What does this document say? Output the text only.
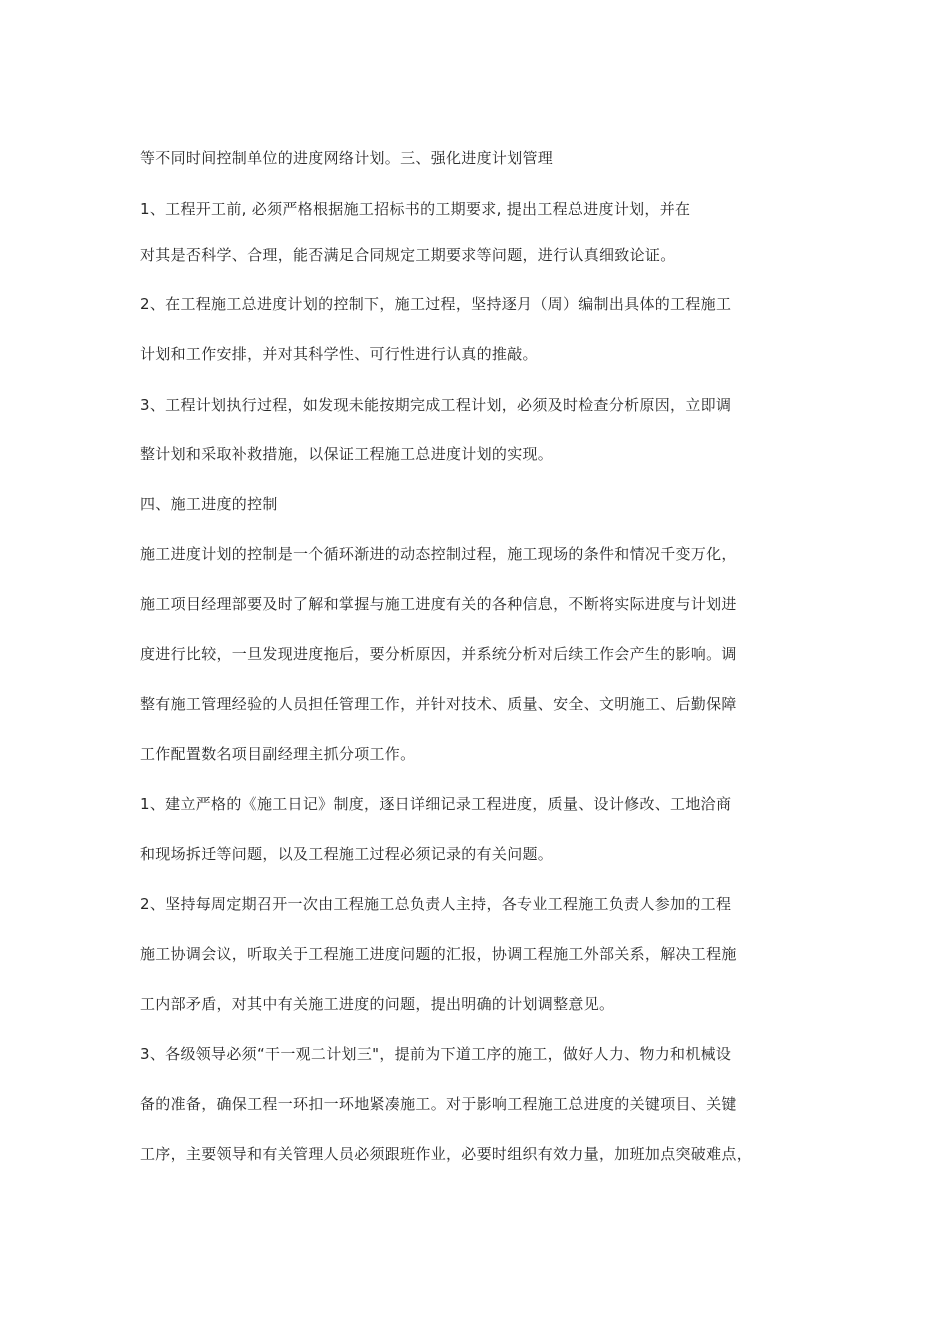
等不同时间控制单位的进度网络计划。三、强化进度计划管理

1、工程开工前, 必须严格根据施工招标书的工期要求, 提出工程总进度计划，并在

对其是否科学、合理，能否满足合同规定工期要求等问题，进行认真细致论证。

2、在工程施工总进度计划的控制下，施工过程，坚持逐月（周）编制出具体的工程施工

计划和工作安排，并对其科学性、可行性进行认真的推敲。

3、工程计划执行过程，如发现未能按期完成工程计划，必须及时检查分析原因，立即调

整计划和采取补救措施，以保证工程施工总进度计划的实现。

四、施工进度的控制

施工进度计划的控制是一个循环渐进的动态控制过程，施工现场的条件和情况千变万化，

施工项目经理部要及时了解和掌握与施工进度有关的各种信息，不断将实际进度与计划进

度进行比较，一旦发现进度拖后，要分析原因，并系统分析对后续工作会产生的影响。调

整有施工管理经验的人员担任管理工作，并针对技术、质量、安全、文明施工、后勤保障

工作配置数名项目副经理主抓分项工作。

1、建立严格的《施工日记》制度，逐日详细记录工程进度，质量、设计修改、工地洽商

和现场拆迁等问题，以及工程施工过程必须记录的有关问题。

2、坚持每周定期召开一次由工程施工总负责人主持，各专业工程施工负责人参加的工程

施工协调会议，听取关于工程施工进度问题的汇报，协调工程施工外部关系，解决工程施

工内部矛盾，对其中有关施工进度的问题，提出明确的计划调整意见。

3、各级领导必须“干一观二计划三"，提前为下道工序的施工，做好人力、物力和机械设

备的准备，确保工程一环扣一环地紧凑施工。对于影响工程施工总进度的关键项目、关键

工序，主要领导和有关管理人员必须跟班作业，必要时组织有效力量，加班加点突破难点，
